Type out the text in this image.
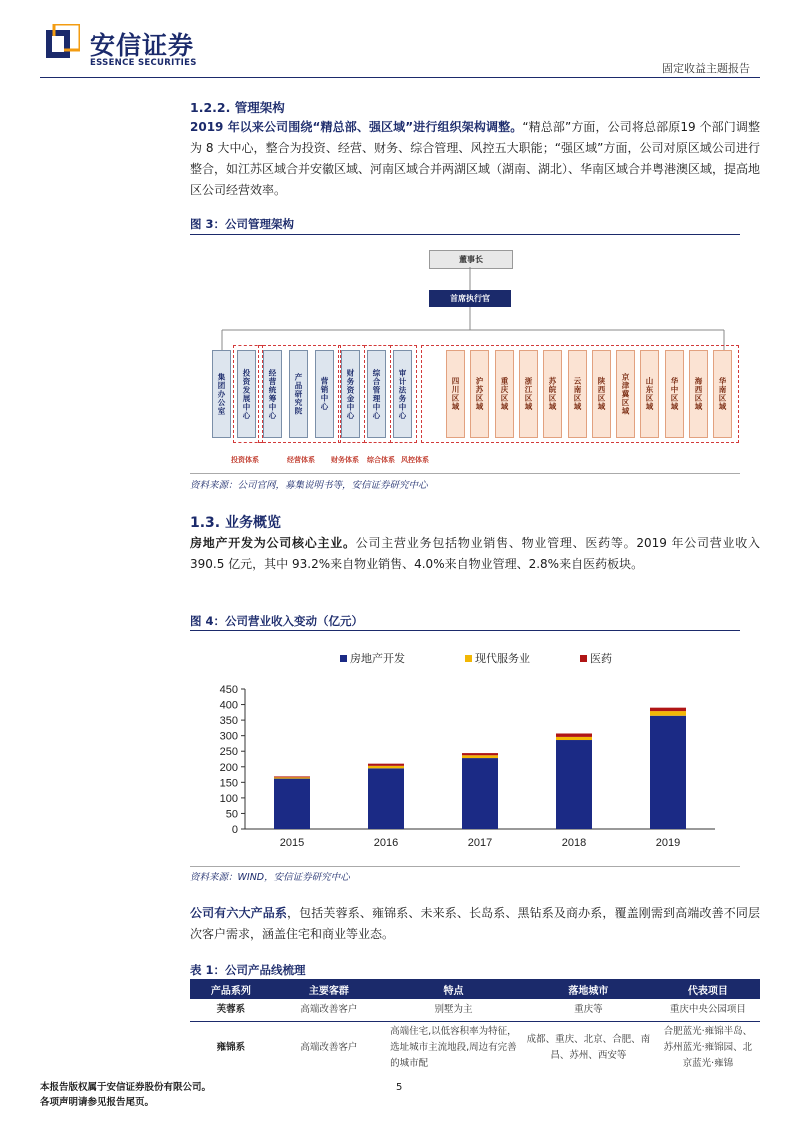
安信证券
ESSENCE SECURITIES	固定收益主题报告
1.2.2. 管理架构
2019 年以来公司围绕“精总部、强区域”进行组织架构调整。“精总部”方面，公司将总部原19 个部门调整为 8 大中心，整合为投资、经营、财务、综合管理、风控五大职能；“强区域”方面，公司对原区域公司进行整合，如江苏区域合并安徽区域、河南区域合并两湖区域（湖南、湖北）、华南区域合并粤港澳区域，提高地区公司经营效率。
图 3：公司管理架构
董事长
首席执行官
集团办公室	投资发展中心	经营统筹中心	产品研究院	营销中心	财务资金中心	综合管理中心	审计法务中心	四川区域	沪苏区域	重庆区域	浙江区域	苏皖区域	云南区域	陕西区域	京津冀区域	山东区域	华中区域	海西区域	华南区域
投资体系	经营体系 财务体系 综合体系 风控体系
资料来源：公司官网，募集说明书等，安信证券研究中心
1.3. 业务概览
房地产开发为公司核心主业。公司主营业务包括物业销售、物业管理、医药等。2019 年公司营业收入 390.5 亿元，其中 93.2%来自物业销售、4.0%来自物业管理、2.8%来自医药板块。
图 4：公司营业收入变动（亿元）
0
50
100
150
200
250
300
350
400
450
2015	2016	2017	2018	2019
房地产开发	现代服务业	医药
资料来源：WIND，安信证券研究中心
公司有六大产品系，包括芙蓉系、雍锦系、未来系、长岛系、黑钻系及商办系，覆盖刚需到高端改善不同层次客户需求，涵盖住宅和商业等业态。
表 1：公司产品线梳理
产品系列	主要客群	特点	落地城市	代表项目
芙蓉系	高端改善客户	别墅为主	重庆等	重庆中央公园项目
雍锦系	高端改善客户	高端住宅,以低容积率为特征，选址城市主流地段,周边有完善的城市配	成都、重庆、北京、合肥、南昌、苏州、西安等	合肥蓝光·雍锦半岛、苏州蓝光·雍锦园、北京蓝光·雍锦
本报告版权属于安信证券股份有限公司。
各项声明请参见报告尾页。
5
